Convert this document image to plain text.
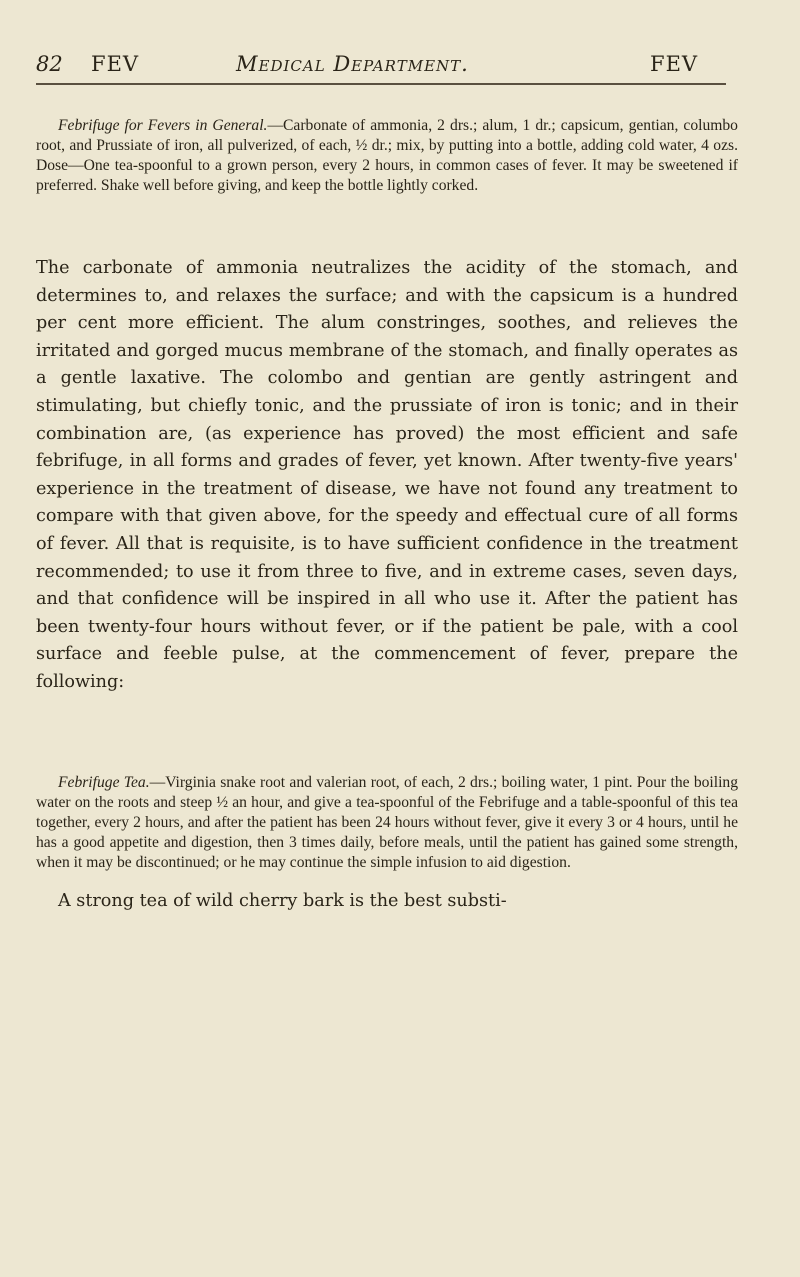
82 FEV	Medical Department.	FEV

Febrifuge for Fevers in General.—Carbonate of ammonia, 2 drs.; alum, 1 dr.; capsicum, gentian, columbo root, and Prussiate of iron, all pulverized, of each, ½ dr.; mix, by putting into a bottle, adding cold water, 4 ozs. Dose—One tea-spoonful to a grown person, every 2 hours, in common cases of fever. It may be sweetened if preferred. Shake well before giving, and keep the bottle lightly corked.

The carbonate of ammonia neutralizes the acidity of the stomach, and determines to, and relaxes the surface; and with the capsicum is a hundred per cent more efficient. The alum constringes, soothes, and relieves the irritated and gorged mucus membrane of the stomach, and finally operates as a gentle laxative. The colombo and gentian are gently astringent and stimulating, but chiefly tonic, and the prussiate of iron is tonic; and in their combination are, (as experience has proved) the most efficient and safe febrifuge, in all forms and grades of fever, yet known. After twenty-five years' experience in the treatment of disease, we have not found any treatment to compare with that given above, for the speedy and effectual cure of all forms of fever. All that is requisite, is to have sufficient confidence in the treatment recommended; to use it from three to five, and in extreme cases, seven days, and that confidence will be inspired in all who use it. After the patient has been twenty-four hours without fever, or if the patient be pale, with a cool surface and feeble pulse, at the commencement of fever, prepare the following:

Febrifuge Tea.—Virginia snake root and valerian root, of each, 2 drs.; boiling water, 1 pint. Pour the boiling water on the roots and steep ½ an hour, and give a tea-spoonful of the Febrifuge and a table-spoonful of this tea together, every 2 hours, and after the patient has been 24 hours without fever, give it every 3 or 4 hours, until he has a good appetite and digestion, then 3 times daily, before meals, until the patient has gained some strength, when it may be discontinued; or he may continue the simple infusion to aid digestion.

A strong tea of wild cherry bark is the best substi-
